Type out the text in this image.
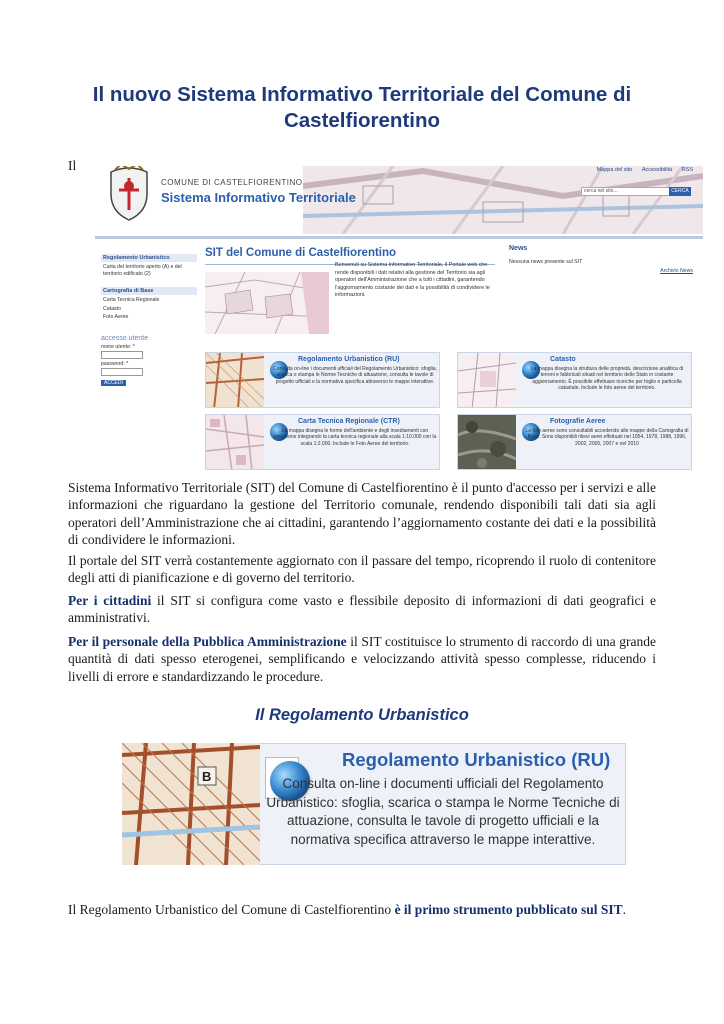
Il nuovo Sistema Informativo Territoriale del Comune di Castelfiorentino
Il	Mappa del sito Accessibilità RSS
cerca nel sito...	CERCA
COMUNE DI CASTELFIORENTINO
Sistema Informativo Territoriale
Regolamento Urbanistico
Carta del territorio aperto (A) e del territorio edificato (2)
Cartografia di Base
Carta Tecnica Regionale
Catasto
Foto Aeree
accesso utente
nome utente: *
password: *
ACCEDI
SIT del Comune di Castelfiorentino
Benvenuti su Sistema Informativo Territoriale, il Portale web che rende disponibili i dati relativi alla gestione del Territorio sia agli operatori dell'Amministrazione che a tutti i cittadini, garantendo l'aggiornamento costante dei dati e la possibilità di condividere le informazioni.
News
Nessuna news presente sul SIT
Archivio News
Regolamento Urbanistico (RU)
Consulta on-line i documenti ufficiali del Regolamento Urbanistico: sfoglia, scarica o stampa le Norme Tecniche di attuazione, consulta le tavole di progetto ufficiali e la normativa specifica attraverso le mappe interattive.
Catasto
La mappa disegna la struttura delle proprietà, descrizione analitica di terreni e fabbricati situati nel territorio dello Stato in costante aggiornamento. È possibile effettuare ricerche per foglio e particella catastale. Include le foto aeree del territorio.
Carta Tecnica Regionale (CTR)
La mappa disegna le forme dell'ambiente e degli insediamenti con precisione integrando la carta tecnica regionale alla scala 1:10.000 con la scala 1:2.000. Include le Foto Aeree del territorio.
Fotografie Aeree
Le foto aeree sono consultabili accedendo alle mappe della Cartografia di Base. Sono disponibili rilievi aerei effettuati nel 1954, 1978, 1988, 1996, 2002, 2005, 2007 e nel 2010
Sistema Informativo Territoriale (SIT) del Comune di Castelfiorentino è il punto d'accesso per i servizi e alle informazioni che riguardano la gestione del Territorio comunale, rendendo disponibili tali dati sia agli operatori dell’Amministrazione che ai cittadini, garantendo l’aggiornamento costante dei dati e la possibilità di condividere le informazioni.
Il portale del SIT verrà costantemente aggiornato con il passare del tempo, ricoprendo il ruolo di contenitore degli atti di pianificazione e di governo del territorio.
Per i cittadini il SIT si configura come vasto e flessibile deposito di informazioni di dati geografici e amministrativi.
Per il personale della Pubblica Amministrazione il SIT costituisce lo strumento di raccordo di una grande quantità di dati spesso eterogenei, semplificando e velocizzando attività spesso complesse, riducendo i livelli di errore e standardizzando le procedure.
Il Regolamento Urbanistico
B
Regolamento Urbanistico (RU)
Consulta on-line i documenti ufficiali del Regolamento Urbanistico: sfoglia, scarica o stampa le Norme Tecniche di attuazione, consulta le tavole di progetto ufficiali e la normativa specifica attraverso le mappe interattive.
Il Regolamento Urbanistico del Comune di Castelfiorentino è il primo strumento pubblicato sul SIT.
